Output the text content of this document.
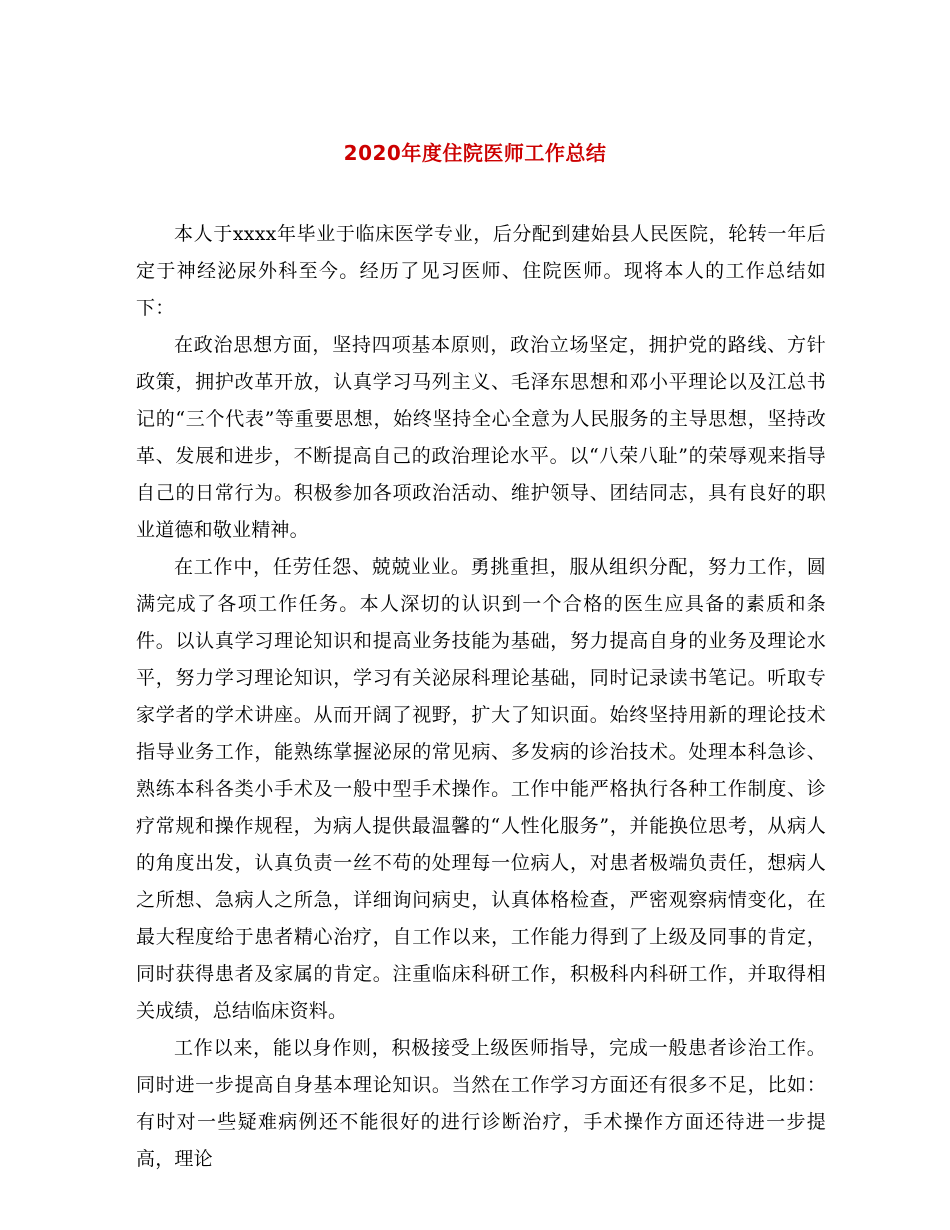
2020年度住院医师工作总结

本人于xxxx年毕业于临床医学专业，后分配到建始县人民医院，轮转一年后定于神经泌尿外科至今。经历了见习医师、住院医师。现将本人的工作总结如下：

在政治思想方面，坚持四项基本原则，政治立场坚定，拥护党的路线、方针政策，拥护改革开放，认真学习马列主义、毛泽东思想和邓小平理论以及江总书记的“三个代表”等重要思想，始终坚持全心全意为人民服务的主导思想，坚持改革、发展和进步，不断提高自己的政治理论水平。以“八荣八耻”的荣辱观来指导自己的日常行为。积极参加各项政治活动、维护领导、团结同志，具有良好的职业道德和敬业精神。

在工作中，任劳任怨、兢兢业业。勇挑重担，服从组织分配，努力工作，圆满完成了各项工作任务。本人深切的认识到一个合格的医生应具备的素质和条件。以认真学习理论知识和提高业务技能为基础，努力提高自身的业务及理论水平，努力学习理论知识，学习有关泌尿科理论基础，同时记录读书笔记。听取专家学者的学术讲座。从而开阔了视野，扩大了知识面。始终坚持用新的理论技术指导业务工作，能熟练掌握泌尿的常见病、多发病的诊治技术。处理本科急诊、熟练本科各类小手术及一般中型手术操作。工作中能严格执行各种工作制度、诊疗常规和操作规程，为病人提供最温馨的“人性化服务”，并能换位思考，从病人的角度出发，认真负责一丝不苟的处理每一位病人，对患者极端负责任，想病人之所想、急病人之所急，详细询问病史，认真体格检查，严密观察病情变化，在最大程度给于患者精心治疗，自工作以来，工作能力得到了上级及同事的肯定，同时获得患者及家属的肯定。注重临床科研工作，积极科内科研工作，并取得相关成绩，总结临床资料。

工作以来，能以身作则，积极接受上级医师指导，完成一般患者诊治工作。同时进一步提高自身基本理论知识。当然在工作学习方面还有很多不足，比如：有时对一些疑难病例还不能很好的进行诊断治疗，手术操作方面还待进一步提高，理论
